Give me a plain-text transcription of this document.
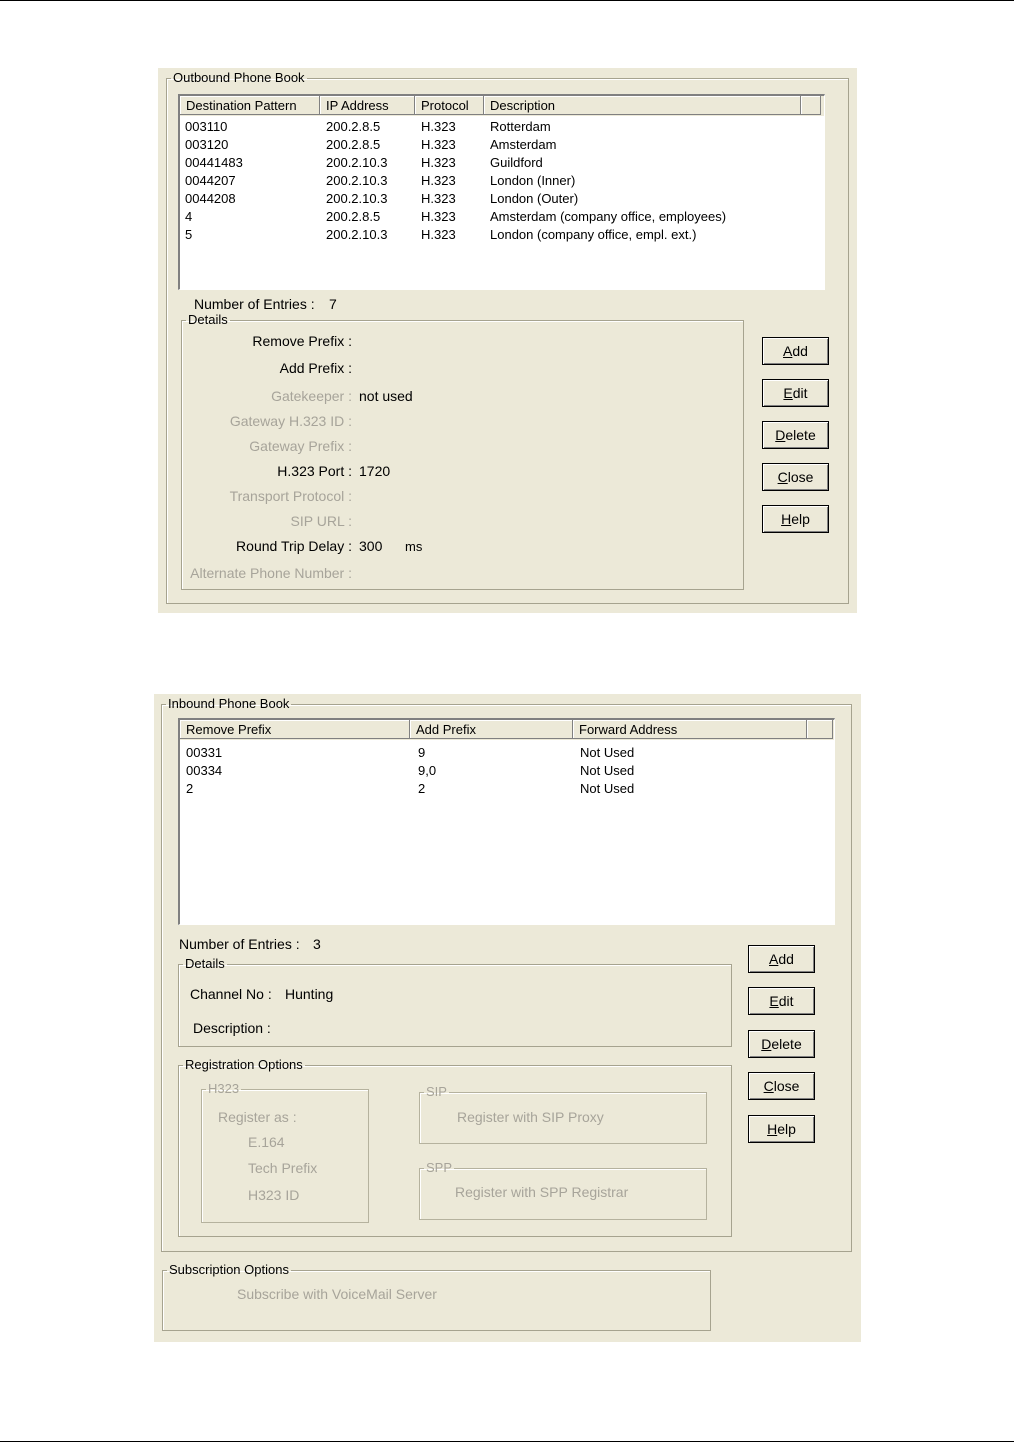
Outbound Phone Book
Destination Pattern	IP Address	Protocol	Description
003110	200.2.8.5	H.323	Rotterdam
003120	200.2.8.5	H.323	Amsterdam
00441483	200.2.10.3	H.323	Guildford
0044207	200.2.10.3	H.323	London (Inner)
0044208	200.2.10.3	H.323	London (Outer)
4	200.2.8.5	H.323	Amsterdam (company office, employees)
5	200.2.10.3	H.323	London (company office, empl. ext.)
Number of Entries : 7
Details
Remove Prefix :
Add Prefix :
Gatekeeper : not used
Gateway H.323 ID :
Gateway Prefix :
H.323 Port : 1720
Transport Protocol :
SIP URL :
Round Trip Delay : 300 ms
Alternate Phone Number :
Add
Edit
Delete
Close
Help
Inbound Phone Book
Remove Prefix	Add Prefix	Forward Address
00331	9	Not Used
00334	9,0	Not Used
2	2	Not Used
Number of Entries : 3
Details
Channel No : Hunting
Description :
Registration Options
H323
Register as :
E.164
Tech Prefix
H323 ID
SIP
Register with SIP Proxy
SPP
Register with SPP Registrar
Subscription Options
Subscribe with VoiceMail Server
Add
Edit
Delete
Close
Help
